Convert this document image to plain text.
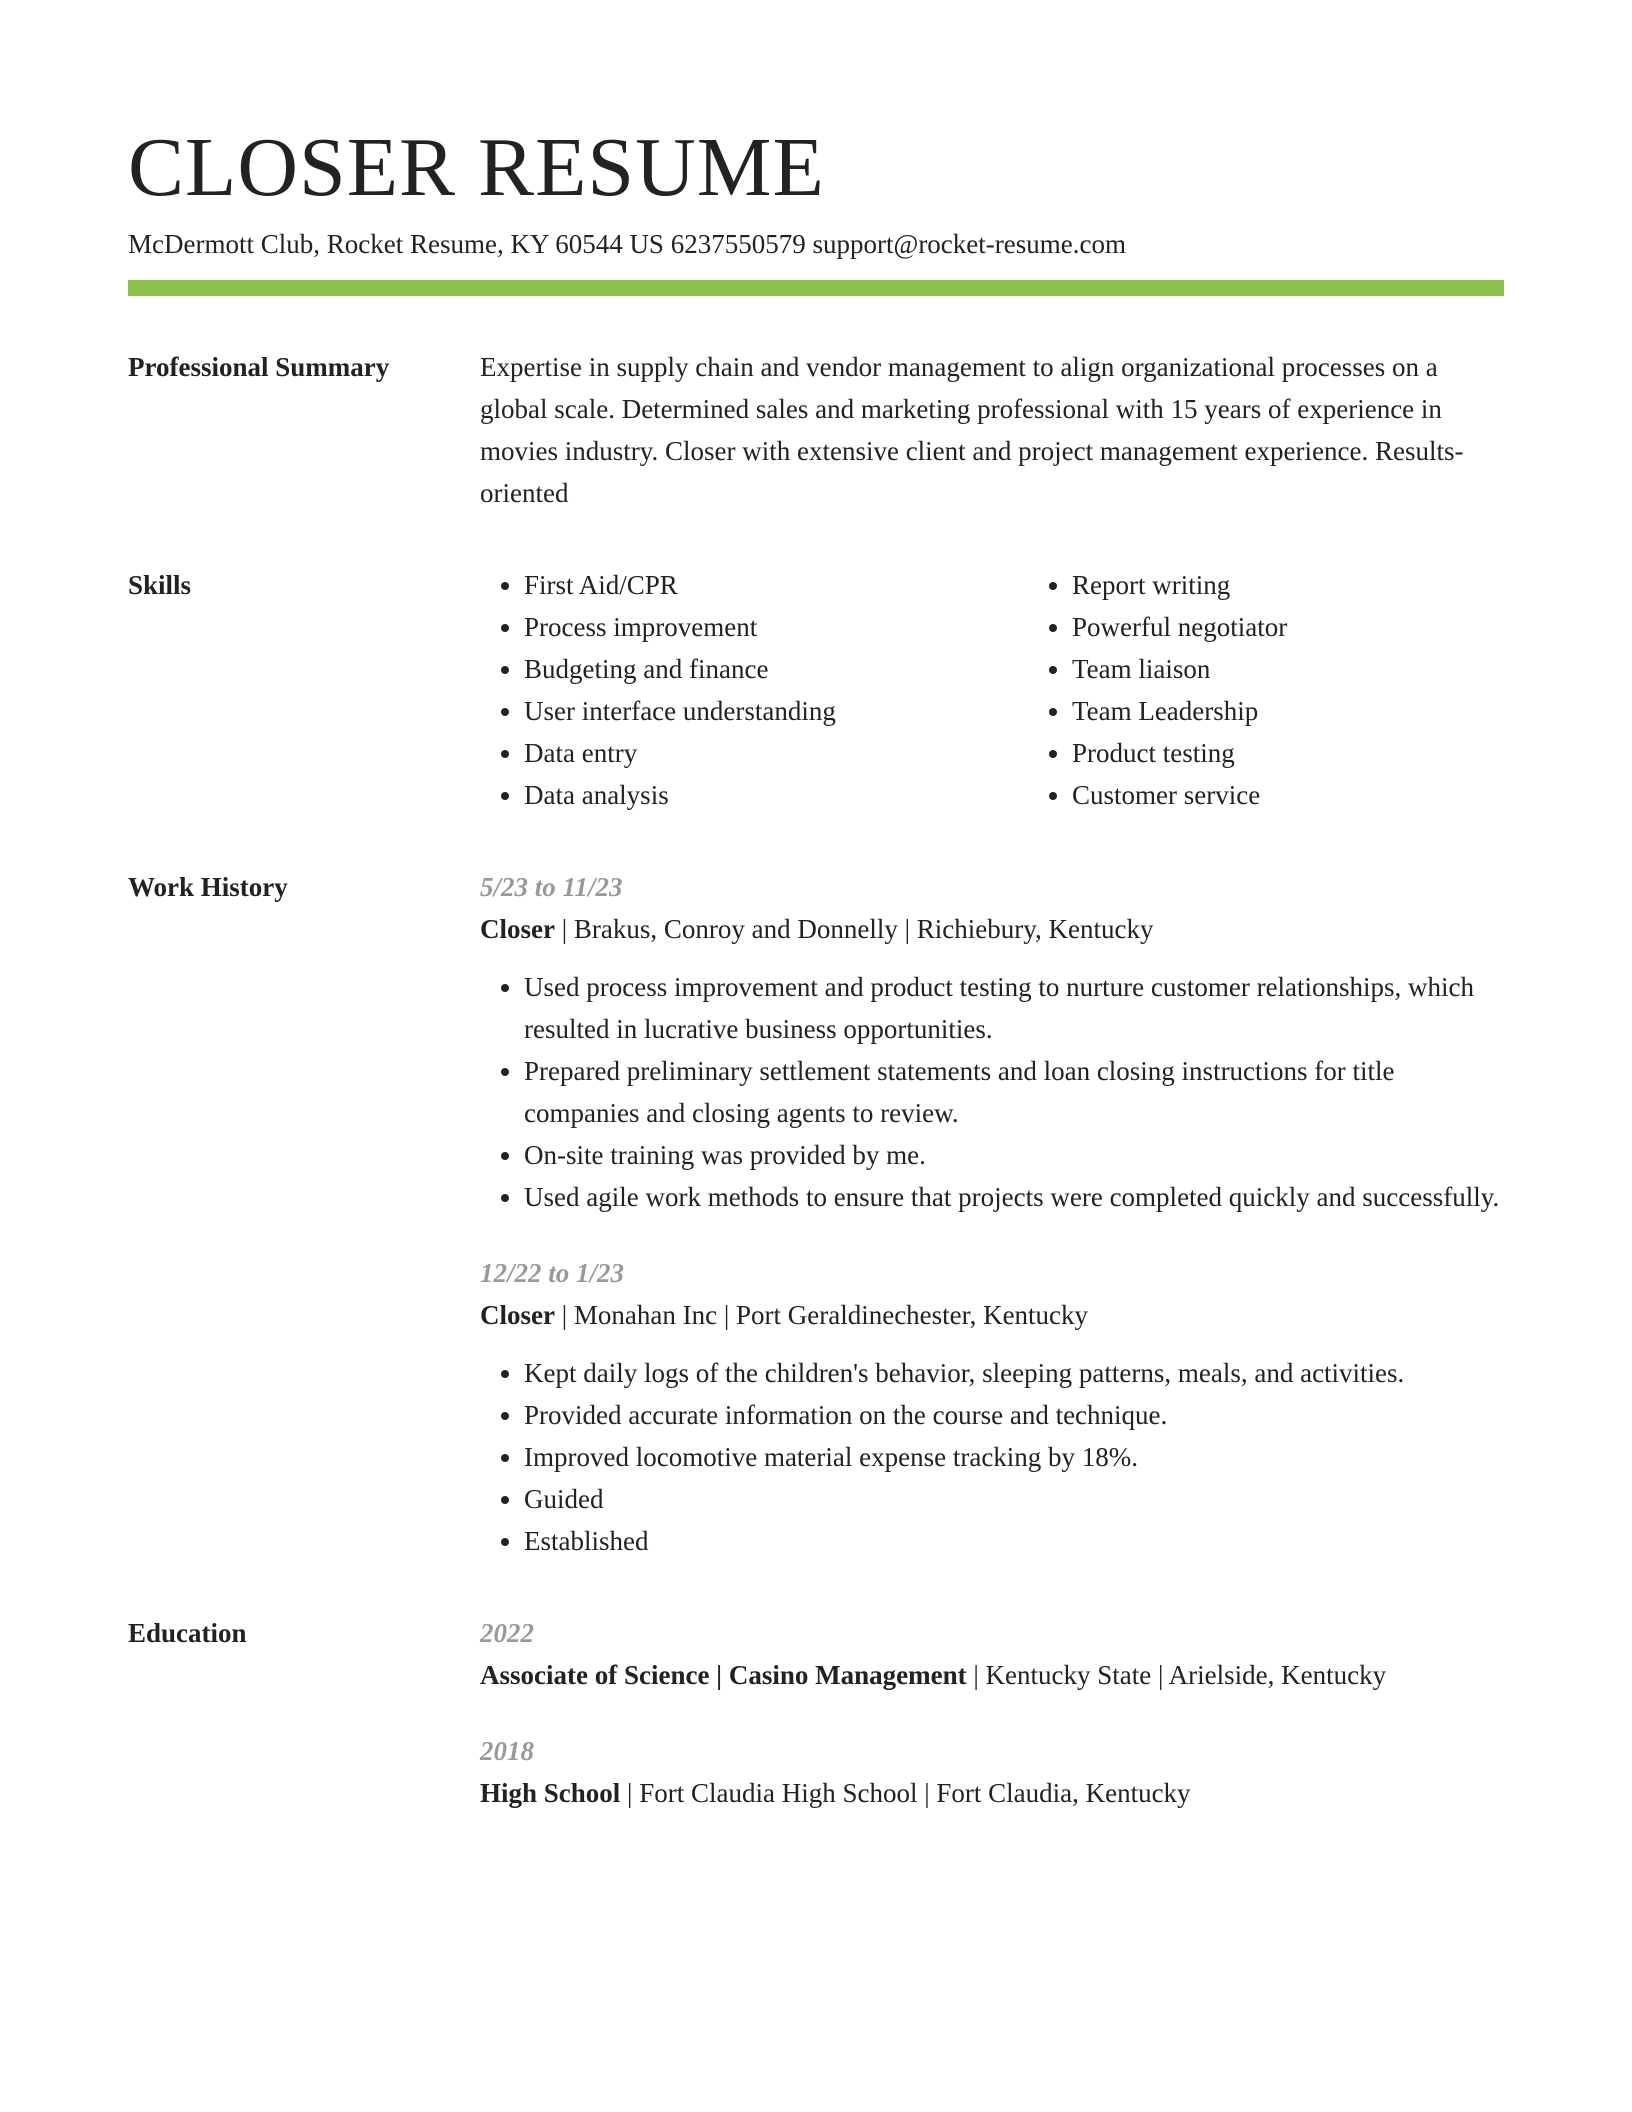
CLOSER RESUME
McDermott Club, Rocket Resume, KY 60544 US 6237550579 support@rocket-resume.com
Professional Summary	Expertise in supply chain and vendor management to align organizational processes on a global scale. Determined sales and marketing professional with 15 years of experience in movies industry. Closer with extensive client and project management experience. Results-oriented

Skills
•	First Aid/CPR
• Process improvement
• Budgeting and finance
• User interface understanding
• Data entry
• Data analysis
• Report writing
• Powerful negotiator
• Team liaison
• Team Leadership
• Product testing
• Customer service
Work History	5/23 to 11/23
Closer | Brakus, Conroy and Donnelly | Richiebury, Kentucky
• Used process improvement and product testing to nurture customer relationships, which resulted in lucrative business opportunities.
• Prepared preliminary settlement statements and loan closing instructions for title companies and closing agents to review.
• On-site training was provided by me.
• Used agile work methods to ensure that projects were completed quickly and successfully.
12/22 to 1/23
Closer | Monahan Inc | Port Geraldinechester, Kentucky
• Kept daily logs of the children's behavior, sleeping patterns, meals, and activities.
• Provided accurate information on the course and technique.
• Improved locomotive material expense tracking by 18%.
• Guided
• Established
Education	2022
Associate of Science | Casino Management | Kentucky State | Arielside, Kentucky
2018
High School | Fort Claudia High School | Fort Claudia, Kentucky
